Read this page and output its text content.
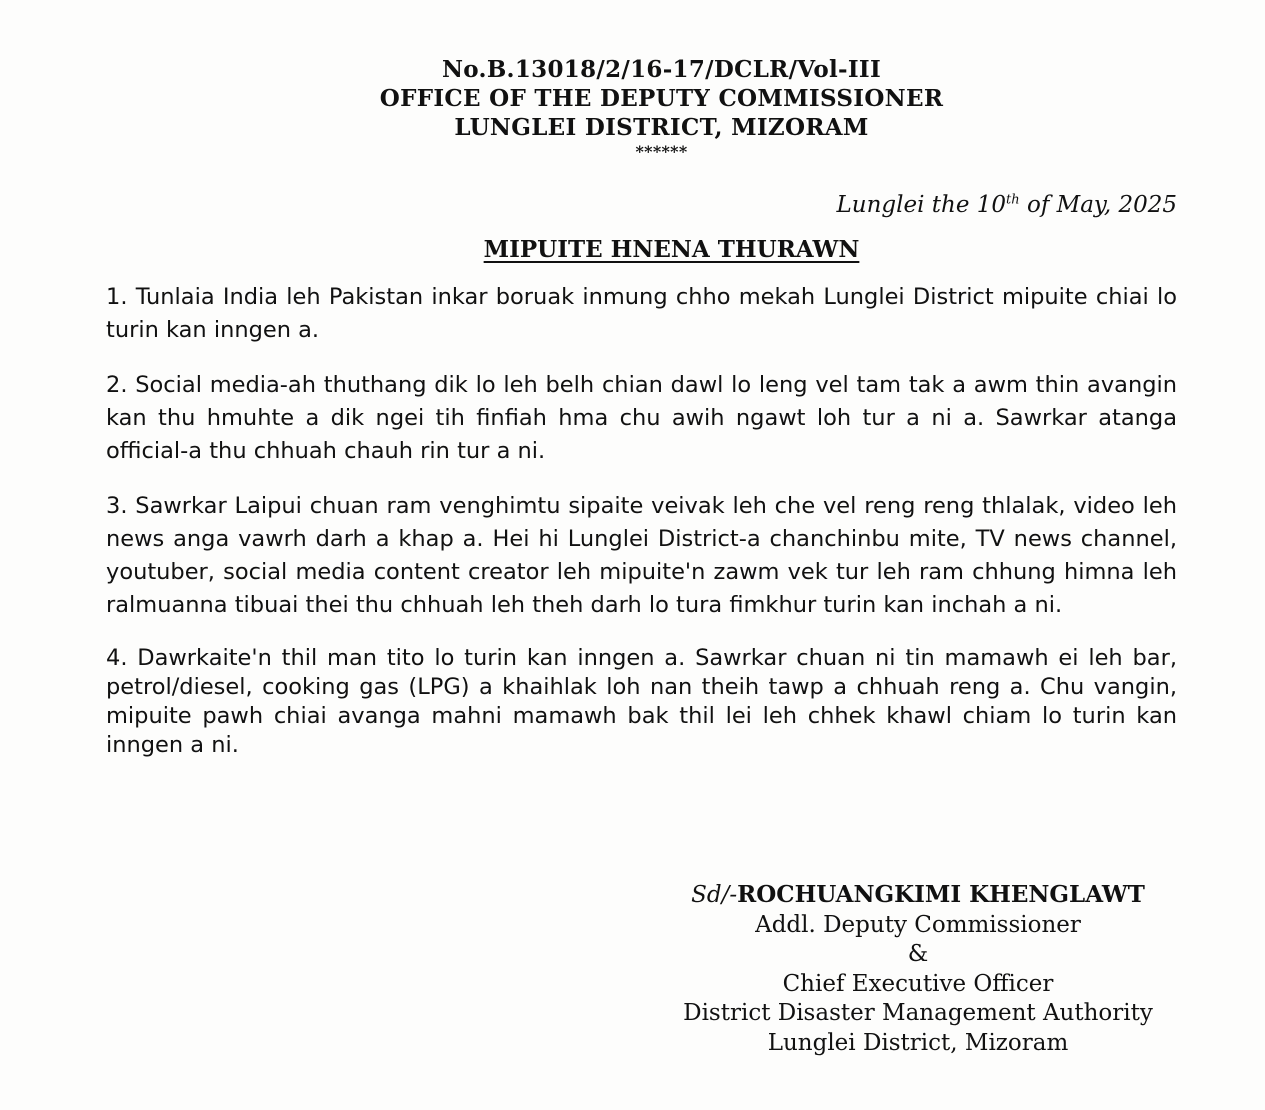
No.B.13018/2/16-17/DCLR/Vol-III
OFFICE OF THE DEPUTY COMMISSIONER
LUNGLEI DISTRICT, MIZORAM
******
Lunglei the 10th of May, 2025
MIPUITE HNENA THURAWN

1. Tunlaia India leh Pakistan inkar boruak inmung chho mekah Lunglei District mipuite chiai lo turin kan inngen a.

2. Social media-ah thuthang dik lo leh belh chian dawl lo leng vel tam tak a awm thin avangin kan thu hmuhte a dik ngei tih finfiah hma chu awih ngawt loh tur a ni a. Sawrkar atanga official-a thu chhuah chauh rin tur a ni.

3. Sawrkar Laipui chuan ram venghimtu sipaite veivak leh che vel reng reng thlalak, video leh news anga vawrh darh a khap a. Hei hi Lunglei District-a chanchinbu mite, TV news channel, youtuber, social media content creator leh mipuite'n zawm vek tur leh ram chhung himna leh ralmuanna tibuai thei thu chhuah leh theh darh lo tura fimkhur turin kan inchah a ni.

4. Dawrkaite'n thil man tito lo turin kan inngen a. Sawrkar chuan ni tin mamawh ei leh bar, petrol/diesel, cooking gas (LPG) a khaihlak loh nan theih tawp a chhuah reng a. Chu vangin, mipuite pawh chiai avanga mahni mamawh bak thil lei leh chhek khawl chiam lo turin kan inngen a ni.

Sd/-ROCHUANGKIMI KHENGLAWT
Addl. Deputy Commissioner
&
Chief Executive Officer
District Disaster Management Authority
Lunglei District, Mizoram
